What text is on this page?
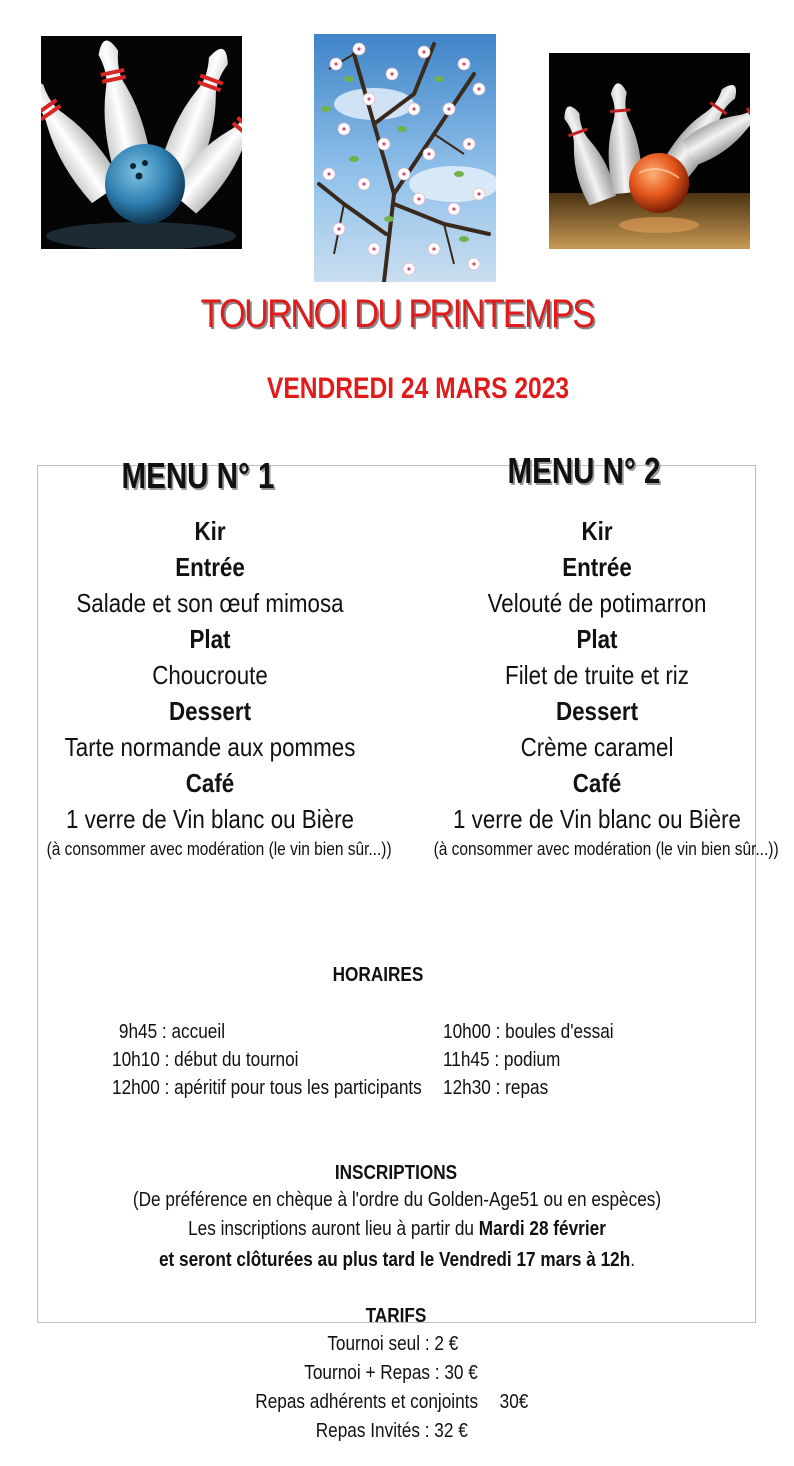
TOURNOI DU PRINTEMPS
VENDREDI 24 MARS 2023
MENU N° 1
Kir
Entrée
Salade et son œuf mimosa
Plat
Choucroute
Dessert
Tarte normande aux pommes
Café
1 verre de Vin blanc ou Bière
(à consommer avec modération (le vin bien sûr...))
MENU N° 2
Kir
Entrée
Velouté de potimarron
Plat
Filet de truite et riz
Dessert
Crème caramel
Café
1 verre de Vin blanc ou Bière
(à consommer avec modération (le vin bien sûr...))
HORAIRES
9h45 : accueil
10h10 : début du tournoi
12h00 : apéritif pour tous les participants
10h00 : boules d'essai
11h45 : podium
12h30 : repas
INSCRIPTIONS
(De préférence en chèque à l'ordre du Golden-Age51 ou en espèces)
Les inscriptions auront lieu à partir du Mardi 28 février
et seront clôturées au plus tard le Vendredi 17 mars à 12h.
TARIFS
Tournoi seul : 2 €
Tournoi + Repas : 30 €
Repas adhérents et conjoints 30€
Repas Invités : 32 €
